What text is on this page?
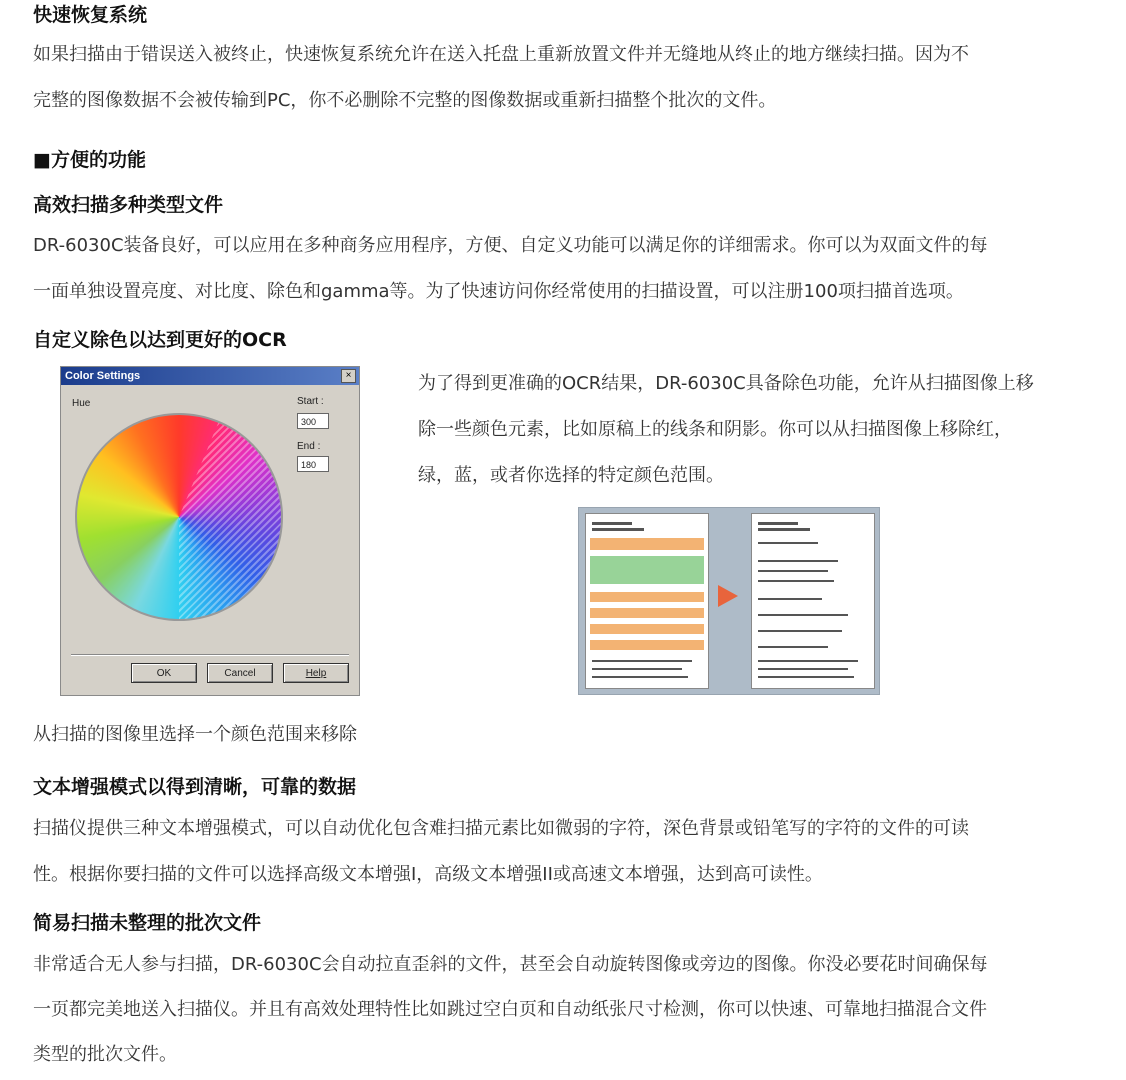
快速恢复系统
如果扫描由于错误送入被终止，快速恢复系统允许在送入托盘上重新放置文件并无缝地从终止的地方继续扫描。因为不
完整的图像数据不会被传输到PC，你不必删除不完整的图像数据或重新扫描整个批次的文件。
■方便的功能
高效扫描多种类型文件
DR-6030C装备良好，可以应用在多种商务应用程序，方便、自定义功能可以满足你的详细需求。你可以为双面文件的每
一面单独设置亮度、对比度、除色和gamma等。为了快速访问你经常使用的扫描设置，可以注册100项扫描首选项。
自定义除色以达到更好的OCR
Color Settings	×
Hue	Start :
300
End :
180
OK	Cancel	Help
为了得到更准确的OCR结果，DR-6030C具备除色功能，允许从扫描图像上移
除一些颜色元素，比如原稿上的线条和阴影。你可以从扫描图像上移除红，
绿，蓝，或者你选择的特定颜色范围。
从扫描的图像里选择一个颜色范围来移除
文本增强模式以得到清晰，可靠的数据
扫描仪提供三种文本增强模式，可以自动优化包含难扫描元素比如微弱的字符，深色背景或铅笔写的字符的文件的可读
性。根据你要扫描的文件可以选择高级文本增强I，高级文本增强II或高速文本增强，达到高可读性。
简易扫描未整理的批次文件
非常适合无人参与扫描，DR-6030C会自动拉直歪斜的文件，甚至会自动旋转图像或旁边的图像。你没必要花时间确保每
一页都完美地送入扫描仪。并且有高效处理特性比如跳过空白页和自动纸张尺寸检测，你可以快速、可靠地扫描混合文件
类型的批次文件。
